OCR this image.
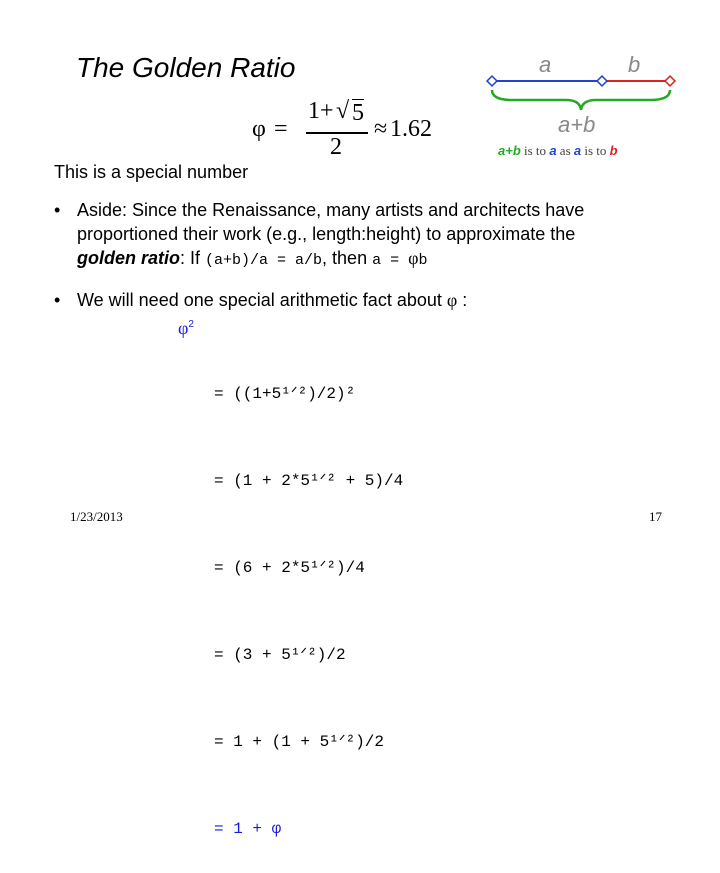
The Golden Ratio
φ =
1+ √ 5
2
≈ 1.62
a	b
a+b
a+b is to a as a is to b
This is a special number
• Aside: Since the Renaissance, many artists and architects have
proportioned their work (e.g., length:height) to approximate the
golden ratio: If (a+b)/a = a/b, then a = φb
• We will need one special arithmetic fact about φ :
$\varphi^2$

= ((1+5¹ᐟ²)/2)²

= (1 + 2*5¹ᐟ² + 5)/4

= (6 + 2*5¹ᐟ²)/4

= (3 + 5¹ᐟ²)/2

= 1 + (1 + 5¹ᐟ²)/2

= 1 + φ

1/23/2013	17
